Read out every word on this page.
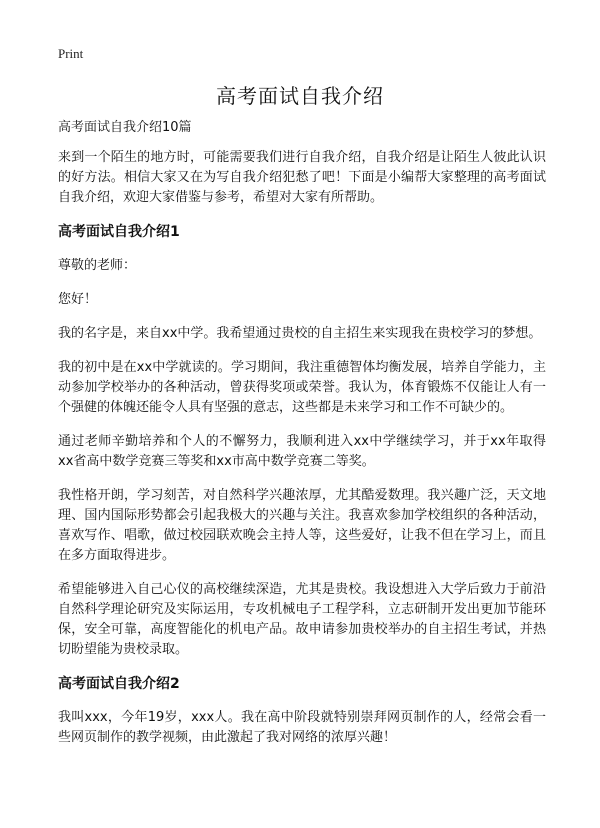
Print
高考面试自我介绍

高考面试自我介绍10篇

来到一个陌生的地方时，可能需要我们进行自我介绍，自我介绍是让陌生人彼此认识的好方法。相信大家又在为写自我介绍犯愁了吧！下面是小编帮大家整理的高考面试自我介绍，欢迎大家借鉴与参考，希望对大家有所帮助。

高考面试自我介绍1

尊敬的老师：

您好！

我的名字是，来自xx中学。我希望通过贵校的自主招生来实现我在贵校学习的梦想。

我的初中是在xx中学就读的。学习期间，我注重德智体均衡发展，培养自学能力，主动参加学校举办的各种活动，曾获得奖项或荣誉。我认为，体育锻炼不仅能让人有一个强健的体魄还能令人具有坚强的意志，这些都是未来学习和工作不可缺少的。

通过老师辛勤培养和个人的不懈努力，我顺利进入xx中学继续学习，并于xx年取得xx省高中数学竞赛三等奖和xx市高中数学竞赛二等奖。

我性格开朗，学习刻苦，对自然科学兴趣浓厚，尤其酷爱数理。我兴趣广泛，天文地理、国内国际形势都会引起我极大的兴趣与关注。我喜欢参加学校组织的各种活动，喜欢写作、唱歌，做过校园联欢晚会主持人等，这些爱好，让我不但在学习上，而且在多方面取得进步。

希望能够进入自己心仪的高校继续深造，尤其是贵校。我设想进入大学后致力于前沿自然科学理论研究及实际运用，专攻机械电子工程学科，立志研制开发出更加节能环保，安全可靠，高度智能化的机电产品。故申请参加贵校举办的自主招生考试，并热切盼望能为贵校录取。

高考面试自我介绍2

我叫xxx，今年19岁，xxx人。我在高中阶段就特别崇拜网页制作的人，经常会看一些网页制作的教学视频，由此激起了我对网络的浓厚兴趣！
